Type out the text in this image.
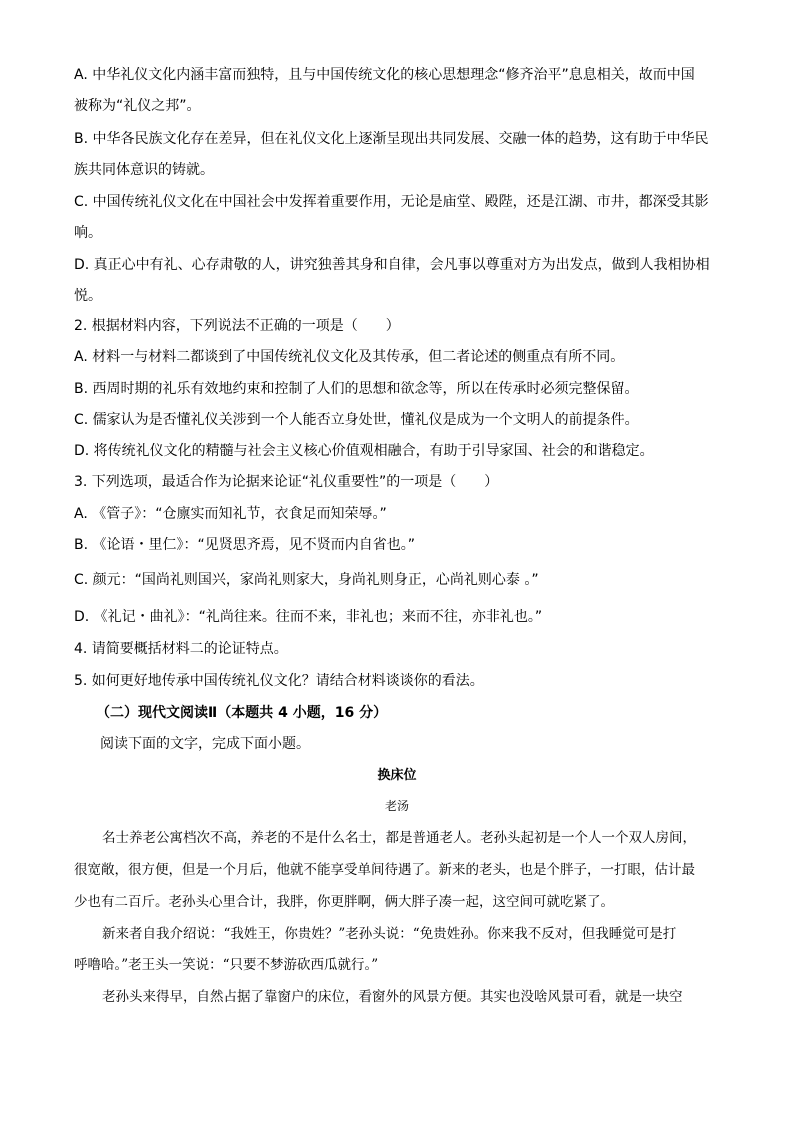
A. 中华礼仪文化内涵丰富而独特，且与中国传统文化的核心思想理念“修齐治平”息息相关，故而中国
被称为“礼仪之邦”。
B. 中华各民族文化存在差异，但在礼仪文化上逐渐呈现出共同发展、交融一体的趋势，这有助于中华民
族共同体意识的铸就。
C. 中国传统礼仪文化在中国社会中发挥着重要作用，无论是庙堂、殿陛，还是江湖、市井，都深受其影
响。
D. 真正心中有礼、心存肃敬的人，讲究独善其身和自律，会凡事以尊重对方为出发点，做到人我相协相
悦。
2. 根据材料内容，下列说法不正确的一项是（　　）
A. 材料一与材料二都谈到了中国传统礼仪文化及其传承，但二者论述的侧重点有所不同。
B. 西周时期的礼乐有效地约束和控制了人们的思想和欲念等，所以在传承时必须完整保留。
C. 儒家认为是否懂礼仪关涉到一个人能否立身处世，懂礼仪是成为一个文明人的前提条件。
D. 将传统礼仪文化的精髓与社会主义核心价值观相融合，有助于引导家国、社会的和谐稳定。
3. 下列选项，最适合作为论据来论证“礼仪重要性”的一项是（　　）
A. 《管子》：“仓廪实而知礼节，衣食足而知荣辱。”
B. 《论语・里仁》：“见贤思齐焉，见不贤而内自省也。”
C. 颜元：“国尚礼则国兴，家尚礼则家大，身尚礼则身正，心尚礼则心泰 。”
D. 《礼记・曲礼》：“礼尚往来。往而不来，非礼也；来而不往，亦非礼也。”
4. 请简要概括材料二的论证特点。
5. 如何更好地传承中国传统礼仪文化？请结合材料谈谈你的看法。
（二）现代文阅读Ⅱ（本题共 4 小题，16 分）
阅读下面的文字，完成下面小题。
换床位
老汤
名士养老公寓档次不高，养老的不是什么名士，都是普通老人。老孙头起初是一个人一个双人房间，
很宽敞，很方便，但是一个月后，他就不能享受单间待遇了。新来的老头，也是个胖子，一打眼，估计最
少也有二百斤。老孙头心里合计，我胖，你更胖啊，俩大胖子凑一起，这空间可就吃紧了。
新来者自我介绍说：“我姓王，你贵姓？”老孙头说：“免贵姓孙。你来我不反对，但我睡觉可是打
呼噜哈。”老王头一笑说：“只要不梦游砍西瓜就行。”
老孙头来得早，自然占据了靠窗户的床位，看窗外的风景方便。其实也没啥风景可看，就是一块空
